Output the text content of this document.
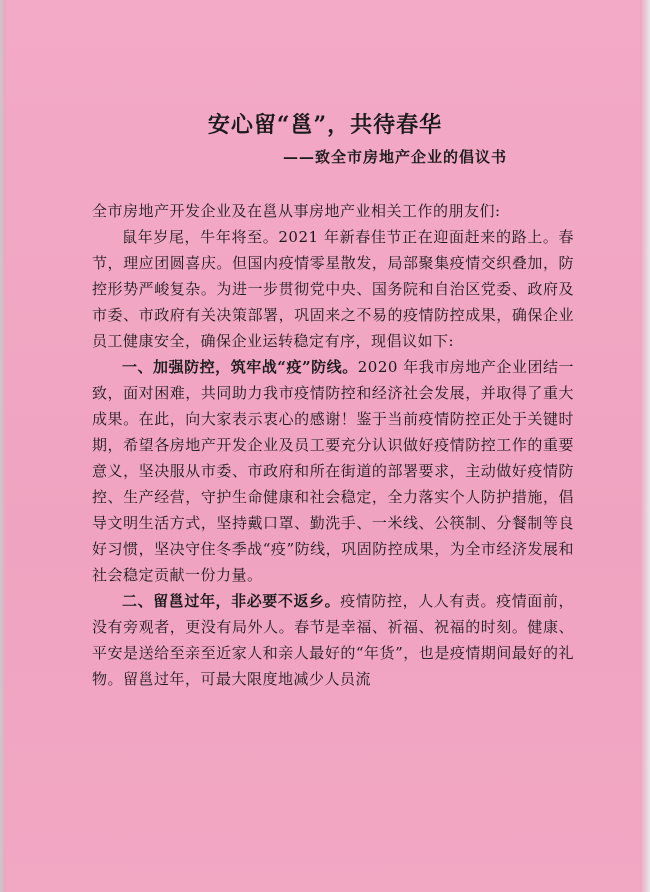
安心留“邕”，共待春华
——致全市房地产企业的倡议书

全市房地产开发企业及在邕从事房地产业相关工作的朋友们:

鼠年岁尾，牛年将至。2021 年新春佳节正在迎面赶来的路上。春节，理应团圆喜庆。但国内疫情零星散发，局部聚集疫情交织叠加，防控形势严峻复杂。为进一步贯彻党中央、国务院和自治区党委、政府及市委、市政府有关决策部署，巩固来之不易的疫情防控成果，确保企业员工健康安全，确保企业运转稳定有序，现倡议如下:

一、加强防控，筑牢战“疫”防线。2020 年我市房地产企业团结一致，面对困难，共同助力我市疫情防控和经济社会发展，并取得了重大成果。在此，向大家表示衷心的感谢！鉴于当前疫情防控正处于关键时期，希望各房地产开发企业及员工要充分认识做好疫情防控工作的重要意义，坚决服从市委、市政府和所在街道的部署要求，主动做好疫情防控、生产经营，守护生命健康和社会稳定，全力落实个人防护措施，倡导文明生活方式，坚持戴口罩、勤洗手、一米线、公筷制、分餐制等良好习惯，坚决守住冬季战“疫”防线，巩固防控成果，为全市经济发展和社会稳定贡献一份力量。

二、留邕过年，非必要不返乡。疫情防控，人人有责。疫情面前，没有旁观者，更没有局外人。春节是幸福、祈福、祝福的时刻。健康、平安是送给至亲至近家人和亲人最好的“年货”，也是疫情期间最好的礼物。留邕过年，可最大限度地减少人员流
